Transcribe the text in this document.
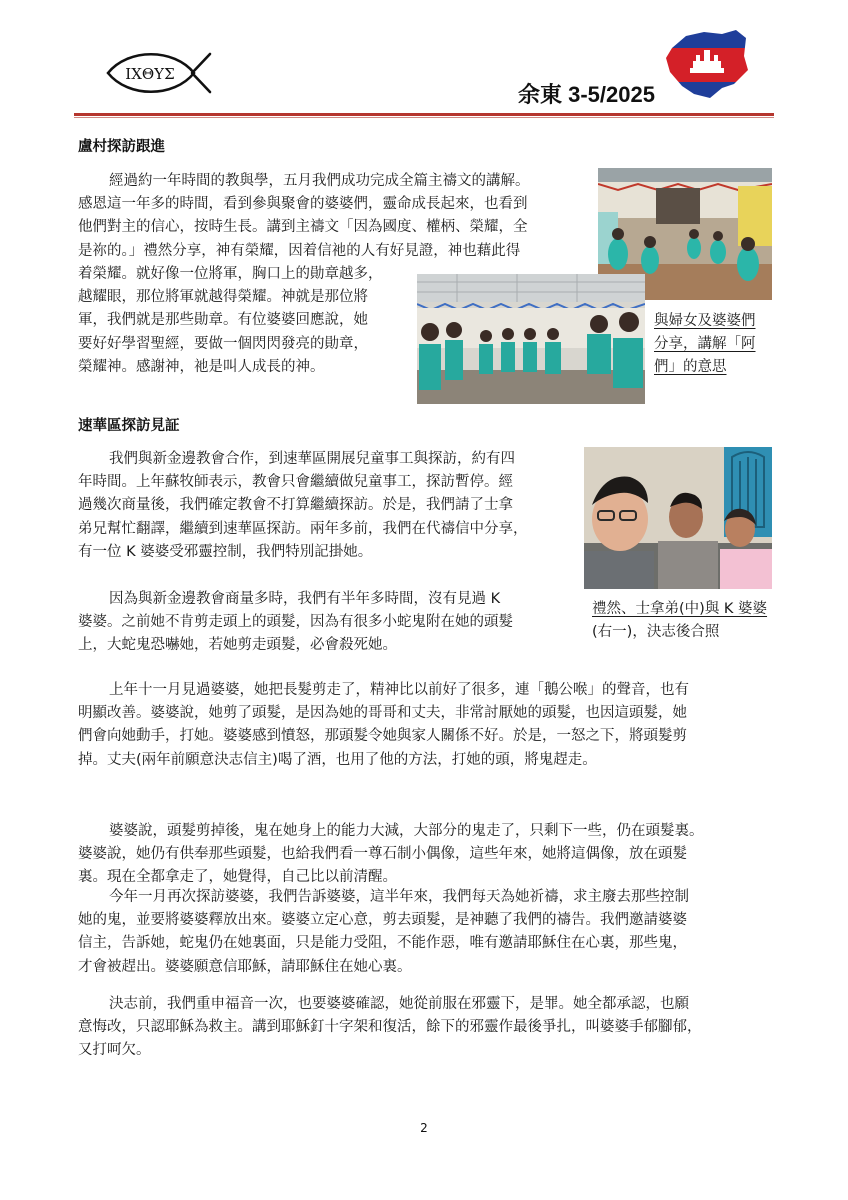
IXΘYΣ
余東 3-5/2025
盧村探訪跟進
經過約一年時間的教與學，五月我們成功完成全篇主禱文的講解。
感恩這一年多的時間，看到參與聚會的婆婆們，靈命成長起來，也看到
他們對主的信心，按時生長。講到主禱文「因為國度、權柄、榮耀，全
是祢的。」禮然分享，神有榮耀，因着信祂的人有好見證，神也藉此得
着榮耀。就好像一位將軍，胸口上的勛章越多，
越耀眼，那位將軍就越得榮耀。神就是那位將
軍，我們就是那些勛章。有位婆婆回應說，她
要好好學習聖經，要做一個閃閃發亮的勛章，
榮耀神。感謝神，祂是叫人成長的神。
與婦女及婆婆們
分享，講解「阿
們」的意思
速華區探訪見証
我們與新金邊教會合作，到速華區開展兒童事工與探訪，約有四
年時間。上年蘇牧師表示，教會只會繼續做兒童事工，探訪暫停。經
過幾次商量後，我們確定教會不打算繼續探訪。於是，我們請了士拿
弟兄幫忙翻譯，繼續到速華區探訪。兩年多前，我們在代禱信中分享，
有一位 K 婆婆受邪靈控制，我們特別記掛她。
因為與新金邊教會商量多時，我們有半年多時間，沒有見過 K
婆婆。之前她不肯剪走頭上的頭髮，因為有很多小蛇鬼附在她的頭髮
上，大蛇鬼恐嚇她，若她剪走頭髮，必會殺死她。
禮然、士拿弟(中)與 K 婆婆
(右一)，決志後合照
上年十一月見過婆婆，她把長髮剪走了，精神比以前好了很多，連「鵝公喉」的聲音，也有
明顯改善。婆婆說，她剪了頭髮，是因為她的哥哥和丈夫，非常討厭她的頭髮，也因這頭髮，她
們會向她動手，打她。婆婆感到憤怒，那頭髮令她與家人關係不好。於是，一怒之下，將頭髮剪
掉。丈夫(兩年前願意決志信主)喝了酒，也用了他的方法，打她的頭，將鬼趕走。
婆婆說，頭髮剪掉後，鬼在她身上的能力大減，大部分的鬼走了，只剩下一些，仍在頭髮裏。
婆婆說，她仍有供奉那些頭髮，也給我們看一尊石制小偶像，這些年來，她將這偶像，放在頭髮
裏。現在全都拿走了，她覺得，自己比以前清醒。
今年一月再次探訪婆婆，我們告訴婆婆，這半年來，我們每天為她祈禱，求主廢去那些控制
她的鬼，並要將婆婆釋放出來。婆婆立定心意，剪去頭髮，是神聽了我們的禱告。我們邀請婆婆
信主，告訴她，蛇鬼仍在她裏面，只是能力受阻，不能作惡，唯有邀請耶穌住在心裏，那些鬼，
才會被趕出。婆婆願意信耶穌，請耶穌住在她心裏。
決志前，我們重申福音一次，也要婆婆確認，她從前服在邪靈下，是罪。她全都承認，也願
意悔改，只認耶穌為救主。講到耶穌釘十字架和復活，餘下的邪靈作最後爭扎，叫婆婆手郁腳郁，
又打呵欠。
2
